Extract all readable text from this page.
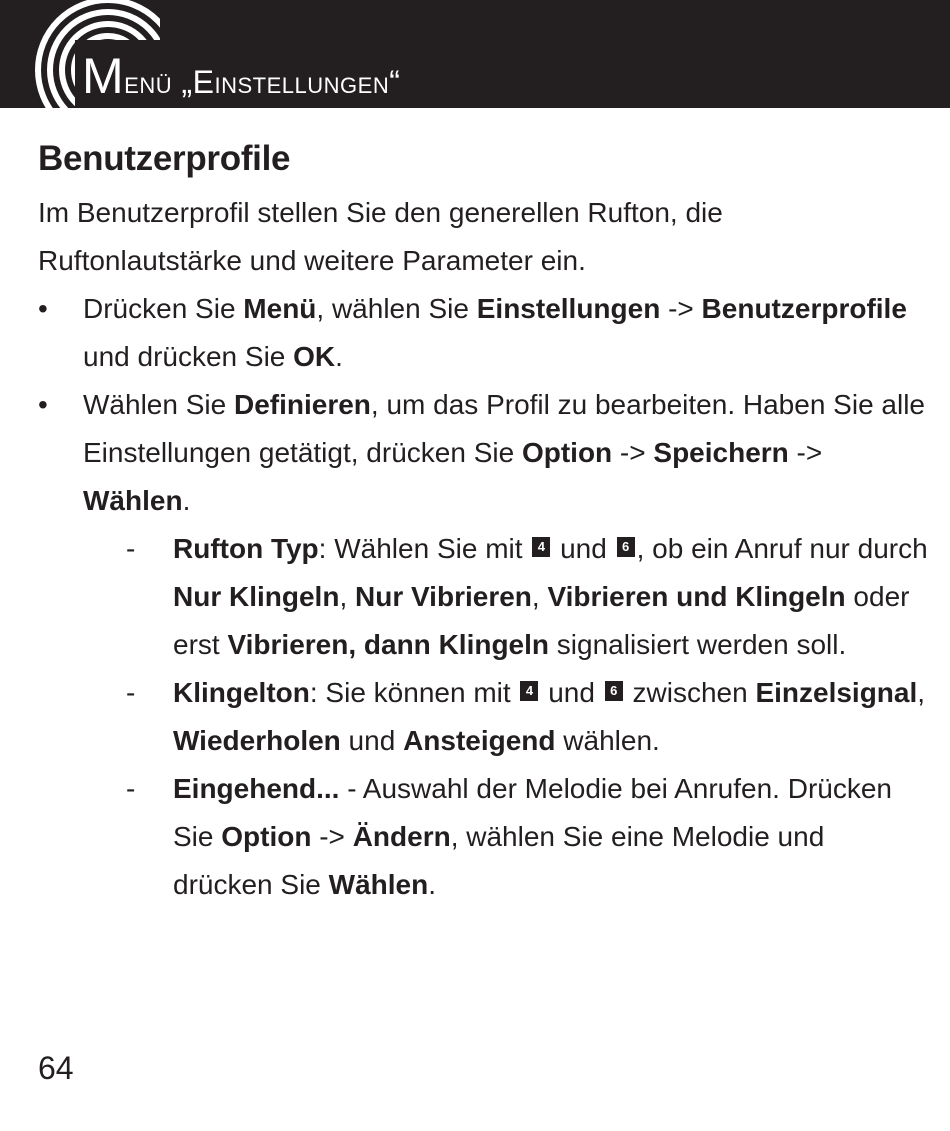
Menü „Einstellungen“
Benutzerprofile
Im Benutzerprofil stellen Sie den generellen Rufton, die Ruftonlautstärke und weitere Parameter ein.
• Drücken Sie Menü, wählen Sie Einstellungen -> Benutzerprofile und drücken Sie OK.
• Wählen Sie Definieren, um das Profil zu bearbeiten. Haben Sie alle Einstellungen getätigt, drücken Sie Option -> Speichern -> Wählen.
- Rufton Typ: Wählen Sie mit 4 und 6 , ob ein Anruf nur durch Nur Klingeln, Nur Vibrieren, Vibrieren und Klingeln oder erst Vibrieren, dann Klingeln signalisiert werden soll.
- Klingelton: Sie können mit 4 und 6 zwischen Einzelsignal, Wiederholen und Ansteigend wählen.
- Eingehend... - Auswahl der Melodie bei Anrufen. Drücken Sie Option -> Ändern, wählen Sie eine Melodie und drücken Sie Wählen.
64
